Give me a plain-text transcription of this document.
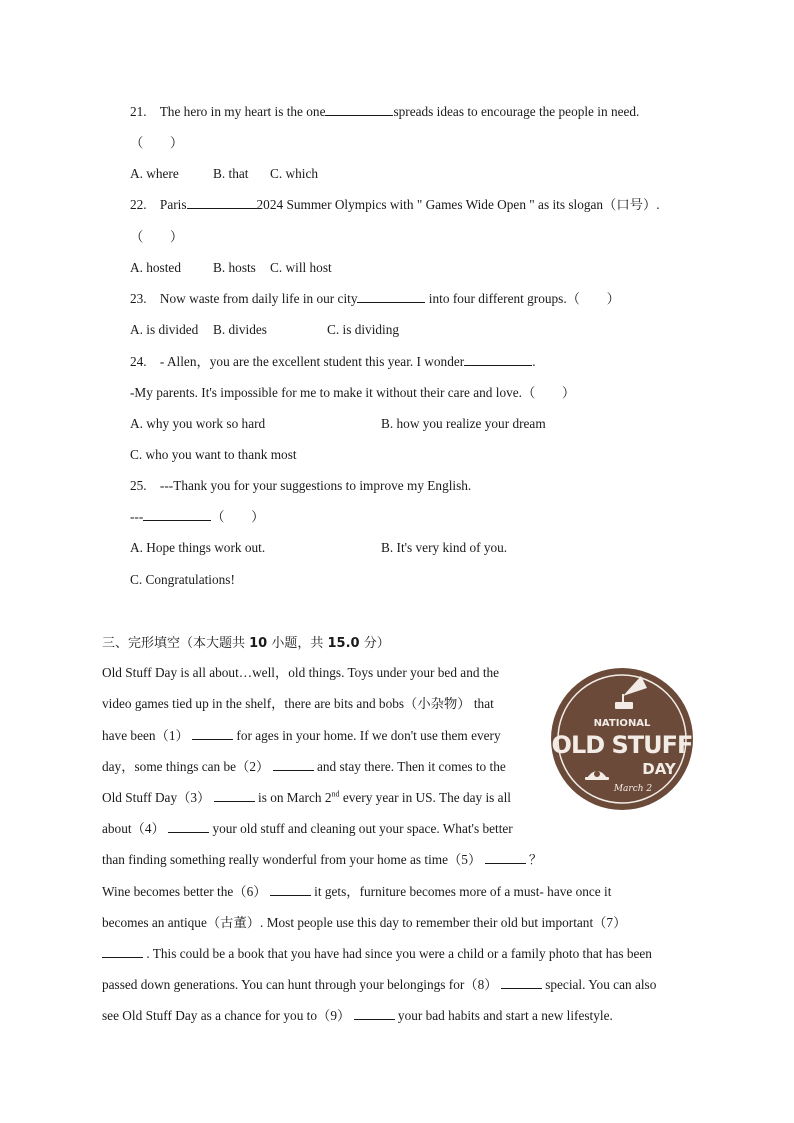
21. The hero in my heart is the one	spreads ideas to encourage the people in need.
（　　）
A. where	B. that C. which
22. Paris	2024 Summer Olympics with " Games Wide Open " as its slogan（口号）.
（　　）
A. hosted B. hosts C. will host
23. Now waste from daily life in our city	into four different groups.（　　）
A. is divided B. divides	C. is dividing
24. - Allen，you are the excellent student this year. I wonder	.
-My parents. It's impossible for me to make it without their care and love.（　　）
A. why you work so hard	B. how you realize your dream
C. who you want to thank most
25. ---Thank you for your suggestions to improve my English.
---	（　　）
A. Hope things work out.	B. It's very kind of you.
C. Congratulations!
三、完形填空（本大题共 10 小题，共 15.0 分）
Old Stuff Day is all about…well，old things. Toys under your bed and the
video games tied up in the shelf，there are bits and bobs（小杂物） that
have been（1）	for ages in your home. If we don't use them every
day，some things can be（2）	and stay there. Then it comes to the
Old Stuff Day（3）	is on March 2nd every year in US. The day is all
about（4）	your old stuff and cleaning out your space. What's better
than finding something really wonderful from your home as time（5）	？
Wine becomes better the（6）	it gets，furniture becomes more of a must- have once it
becomes an antique（古董）. Most people use this day to remember their old but important（7）
. This could be a book that you have had since you were a child or a family photo that has been
passed down generations. You can hunt through your belongings for（8）	special. You can also
see Old Stuff Day as a chance for you to（9）	your bad habits and start a new lifestyle.
NATIONAL
OLD STUFF
DAY
March 2
